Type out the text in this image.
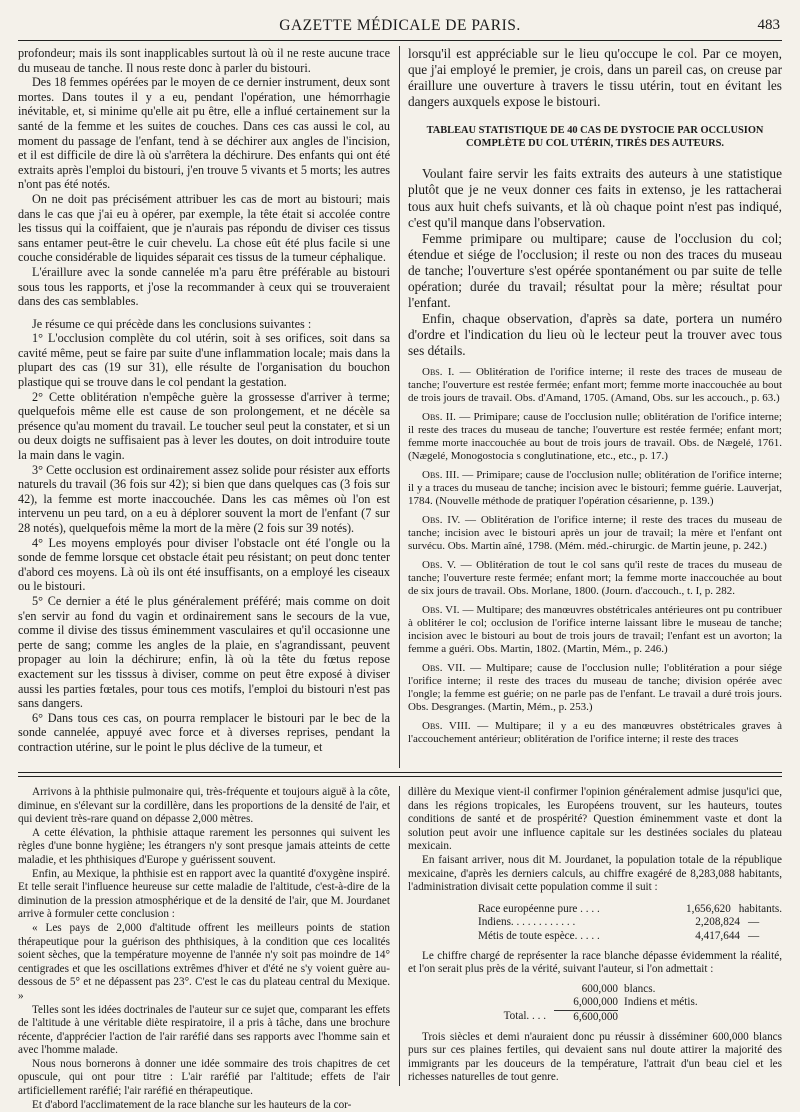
GAZETTE MÉDICALE DE PARIS.	483

profondeur; mais ils sont inapplicables surtout là où il ne reste aucune trace du museau de tanche. Il nous reste donc à parler du bistouri.

Des 18 femmes opérées par le moyen de ce dernier instrument, deux sont mortes. Dans toutes il y a eu, pendant l'opération, une hémorrhagie inévitable, et, si minime qu'elle ait pu être, elle a influé certainement sur la santé de la femme et les suites de couches. Dans ces cas aussi le col, au moment du passage de l'enfant, tend à se déchirer aux angles de l'incision, et il est difficile de dire là où s'arrêtera la déchirure. Des enfants qui ont été extraits après l'emploi du bistouri, j'en trouve 5 vivants et 5 morts; les autres n'ont pas été notés.

On ne doit pas précisément attribuer les cas de mort au bistouri; mais dans le cas que j'ai eu à opérer, par exemple, la tête était si accolée contre les tissus qui la coiffaient, que je n'aurais pas répondu de diviser ces tissus sans entamer peut-être le cuir chevelu. La chose eût été plus facile si une couche considérable de liquides séparait ces tissus de la tumeur céphalique.

L'éraillure avec la sonde cannelée m'a paru être préférable au bistouri sous tous les rapports, et j'ose la recommander à ceux qui se trouveraient dans des cas semblables.

Je résume ce qui précède dans les conclusions suivantes :

1° L'occlusion complète du col utérin, soit à ses orifices, soit dans sa cavité même, peut se faire par suite d'une inflammation locale; mais dans la plupart des cas (19 sur 31), elle résulte de l'organisation du bouchon plastique qui se trouve dans le col pendant la gestation.

2° Cette oblitération n'empêche guère la grossesse d'arriver à terme; quelquefois même elle est cause de son prolongement, et ne décèle sa présence qu'au moment du travail. Le toucher seul peut la constater, et si un ou deux doigts ne suffisaient pas à lever les doutes, on doit introduire toute la main dans le vagin.

3° Cette occlusion est ordinairement assez solide pour résister aux efforts naturels du travail (36 fois sur 42); si bien que dans quelques cas (3 fois sur 42), la femme est morte inaccouchée. Dans les cas mêmes où l'on est intervenu un peu tard, on a eu à déplorer souvent la mort de l'enfant (7 sur 28 notés), quelquefois même la mort de la mère (2 fois sur 39 notés).

4° Les moyens employés pour diviser l'obstacle ont été l'ongle ou la sonde de femme lorsque cet obstacle était peu résistant; on peut donc tenter d'abord ces moyens. Là où ils ont été insuffisants, on a employé les ciseaux ou le bistouri.

5° Ce dernier a été le plus généralement préféré; mais comme on doit s'en servir au fond du vagin et ordinairement sans le secours de la vue, comme il divise des tissus éminemment vasculaires et qu'il occasionne une perte de sang; comme les angles de la plaie, en s'agrandissant, peuvent propager au loin la déchirure; enfin, là où la tête du fœtus repose exactement sur les tisssus à diviser, comme on peut être exposé à diviser aussi les parties fœtales, pour tous ces motifs, l'emploi du bistouri n'est pas sans dangers.

6° Dans tous ces cas, on pourra remplacer le bistouri par le bec de la sonde cannelée, appuyé avec force et à diverses reprises, pendant la contraction utérine, sur le point le plus déclive de la tumeur, et

lorsqu'il est appréciable sur le lieu qu'occupe le col. Par ce moyen, que j'ai employé le premier, je crois, dans un pareil cas, on creuse par éraillure une ouverture à travers le tissu utérin, tout en évitant les dangers auxquels expose le bistouri.

TABLEAU STATISTIQUE DE 40 CAS DE DYSTOCIE PAR OCCLUSION COMPLÈTE DU COL UTÉRIN, TIRÉS DES AUTEURS.

Voulant faire servir les faits extraits des auteurs à une statistique plutôt que je ne veux donner ces faits in extenso, je les rattacherai tous aux huit chefs suivants, et là où chaque point n'est pas indiqué, c'est qu'il manque dans l'observation.

Femme primipare ou multipare; cause de l'occlusion du col; étendue et siége de l'occlusion; il reste ou non des traces du museau de tanche; l'ouverture s'est opérée spontanément ou par suite de telle opération; durée du travail; résultat pour la mère; résultat pour l'enfant.

Enfin, chaque observation, d'après sa date, portera un numéro d'ordre et l'indication du lieu où le lecteur peut la trouver avec tous ses détails.

Obs. I. — Oblitération de l'orifice interne; il reste des traces de museau de tanche; l'ouverture est restée fermée; enfant mort; femme morte inaccouchée au bout de trois jours de travail. Obs. d'Amand, 1705. (Amand, Obs. sur les accouch., p. 63.)

Obs. II. — Primipare; cause de l'occlusion nulle; oblitération de l'orifice interne; il reste des traces du museau de tanche; l'ouverture est restée fermée; enfant mort; femme morte inaccouchée au bout de trois jours de travail. Obs. de Nægelé, 1761. (Nægelé, Monogostocia s conglutinatione, etc., etc., p. 17.)

Obs. III. — Primipare; cause de l'occlusion nulle; oblitération de l'orifice interne; il y a traces du museau de tanche; incision avec le bistouri; femme guérie. Lauverjat, 1784. (Nouvelle méthode de pratiquer l'opération césarienne, p. 139.)

Obs. IV. — Oblitération de l'orifice interne; il reste des traces du museau de tanche; incision avec le bistouri après un jour de travail; la mère et l'enfant ont survécu. Obs. Martin aîné, 1798. (Mém. méd.-chirurgic. de Martin jeune, p. 242.)

Obs. V. — Oblitération de tout le col sans qu'il reste de traces du museau de tanche; l'ouverture reste fermée; enfant mort; la femme morte inaccouchée au bout de six jours de travail. Obs. Morlane, 1800. (Journ. d'accouch., t. I, p. 282.

Obs. VI. — Multipare; des manœuvres obstétricales antérieures ont pu contribuer à oblitérer le col; occlusion de l'orifice interne laissant libre le museau de tanche; incision avec le bistouri au bout de trois jours de travail; l'enfant est un avorton; la femme a guéri. Obs. Martin, 1802. (Martin, Mém., p. 246.)

Obs. VII. — Multipare; cause de l'occlusion nulle; l'oblitération a pour siége l'orifice interne; il reste des traces du museau de tanche; division opérée avec l'ongle; la femme est guérie; on ne parle pas de l'enfant. Le travail a duré trois jours. Obs. Desgranges. (Martin, Mém., p. 253.)

Obs. VIII. — Multipare; il y a eu des manœuvres obstétricales graves à l'accouchement antérieur; oblitération de l'orifice interne; il reste des traces

Arrivons à la phthisie pulmonaire qui, très-fréquente et toujours aiguë à la côte, diminue, en s'élevant sur la cordillère, dans les proportions de la densité de l'air, et qui devient très-rare quand on dépasse 2,000 mètres.

A cette élévation, la phthisie attaque rarement les personnes qui suivent les règles d'une bonne hygiène; les étrangers n'y sont presque jamais atteints de cette maladie, et les phthisiques d'Europe y guérissent souvent.

Enfin, au Mexique, la phthisie est en rapport avec la quantité d'oxygène inspiré. Et telle serait l'influence heureuse sur cette maladie de l'altitude, c'est-à-dire de la diminution de la pression atmosphérique et de la densité de l'air, que M. Jourdanet arrive à formuler cette conclusion :

« Les pays de 2,000 d'altitude offrent les meilleurs points de station thérapeutique pour la guérison des phthisiques, à la condition que ces localités soient sèches, que la température moyenne de l'année n'y soit pas moindre de 14° centigrades et que les oscillations extrêmes d'hiver et d'été ne s'y voient guère au-dessous de 5° et ne dépassent pas 23°. C'est le cas du plateau central du Mexique. »

Telles sont les idées doctrinales de l'auteur sur ce sujet que, comparant les effets de l'altitude à une véritable diète respiratoire, il a pris à tâche, dans une brochure récente, d'apprécier l'action de l'air raréfié dans ses rapports avec l'homme sain et avec l'homme malade.

Nous nous bornerons à donner une idée sommaire des trois chapitres de cet opuscule, qui ont pour titre : L'air raréfié par l'altitude; effets de l'air artificiellement raréfié; l'air raréfié en thérapeutique.

Et d'abord l'acclimatement de la race blanche sur les hauteurs de la cor-

dillère du Mexique vient-il confirmer l'opinion généralement admise jusqu'ici que, dans les régions tropicales, les Européens trouvent, sur les hauteurs, toutes conditions de santé et de prospérité? Question éminemment vaste et dont la solution peut avoir une influence capitale sur les destinées sociales du plateau mexicain.

En faisant arriver, nous dit M. Jourdanet, la population totale de la république mexicaine, d'après les derniers calculs, au chiffre exagéré de 8,283,088 habitants, l'administration divisait cette population comme il suit :

Race européenne pure . . . .	1,656,620 habitants.
Indiens. . . . . . . . . . . .	2,208,824 —
Métis de toute espèce. . . . .	4,417,644 —

Le chiffre chargé de représenter la race blanche dépasse évidemment la réalité, et l'on serait plus près de la vérité, suivant l'auteur, si l'on admettait :

600,000 blancs.
6,000,000 Indiens et métis.
Total. . . .	6,600,000

Trois siècles et demi n'auraient donc pu réussir à disséminer 600,000 blancs purs sur ces plaines fertiles, qui devaient sans nul doute attirer la majorité des immigrants par les douceurs de la température, l'attrait d'un beau ciel et les richesses naturelles de tout genre.
